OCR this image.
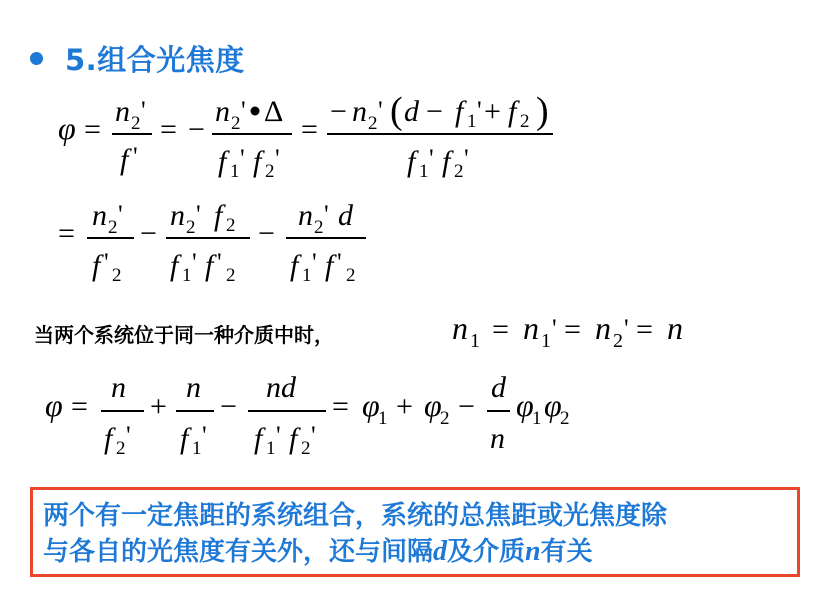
5.组合光焦度
φ =
n 2 '
f '
= −
n 2 ' Δ
f 1 ' f 2 '
=
− n 2 ' ( d − f 1 ' + f 2 )
f 1 ' f 2 '
=
n 2 '
f ' 2
−
n 2 ' f 2
f 1 ' f ' 2
−
n 2 ' d
f 1 ' f ' 2
当两个系统位于同一种介质中时，	n 1 = n 1 ' = n 2 ' = n
φ =
n
f 2 '
+
n
f 1 '
−
nd
f 1 ' f 2 '
= φ
1 + φ
2 −
d
n
φ
1 φ
2
两个有一定焦距的系统组合，系统的总焦距或光焦度除
与各自的光焦度有关外，还与间隔d及介质n有关
